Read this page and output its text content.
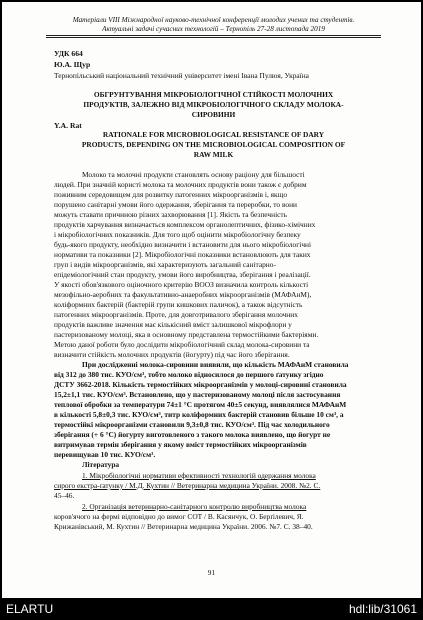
Матеріали VIII Міжнародної науково-технічної конференції молодих учених та студентів.
Актуальні задачі сучасних технологій – Тернопіль 27-28 листопада 2019
УДК 664
Ю.А. Щур
Тернопільський національний технічний університет імені Івана Пулюя, Україна
ОБГРУНТУВАННЯ МІКРОБІОЛОГІЧНОЇ СТІЙКОСТІ МОЛОЧНИХ
ПРОДУКТІВ, ЗАЛЕЖНО ВІД МІКРОБІОЛОГІЧНОГО СКЛАДУ МОЛОКА-
СИРОВИНИ
Y.A. Rat
RATIONALE FOR MICROBIOLOGICAL RESISTANCE OF DARY
PRODUCTS, DEPENDING ON THE MICROBIOLOGICAL COMPOSITION OF
RAW MILK
Молоко та молочні продукти становлять основу раціону для більшості
людей. При значній користі молока та молочних продуктів вони також є добрим
поживним середовищем для розвитку патогенних мікроорганізмів і, якщо
порушено санітарні умови його одержання, зберігання та переробки, то вони
можуть ставати причиною різних захворювання [1]. Якість та безпечність
продуктів харчування визначається комплексом органолептичних, фізико-хімічних
і мікробіологічних показників. Для того щоб оцінити мікробіологічну безпеку
будь-якого продукту, необхідно визначити і встановити для нього мікробіологічні
нормативи та показники [2]. Мікробіологічні показники встановлюють для таких
груп і видів мікроорганізмів, які характеризують загальний санітарно-
епідеміологічний стан продукту, умови його виробництва, зберігання і реалізації.
У якості обов'язкового оціночного критерію ВООЗ визначила контроль кількості
мезофільно-аеробних та факультативно-анаеробних мікроорганізмів (МАФАнМ),
коліформних бактерій (бактерій групи кишкових паличок), а також відсутність
патогенних мікроорганізмів. Проте, для довготривалого зберігання молочних
продуктів важливе значення має кількісний вміст залишкової мікрофлори у
пастеризованому молоці, яка в основному представлена термостійкими бактеріями.
Метою даної роботи було дослідити мікробіологічний склад молока-сировини та
визначити стійкість молочних продуктів (йогурту) під час його зберігання.
При дослідженні молока-сировини виявили, що кількість МАФАнМ становила
від 312 до 380 тис. КУО/см³, тобто молоко відносилося до першого ґатунку згідно
ДСТУ 3662-2018. Кількість термостійких мікроорганізмів у молоці-сировині становила
15,2±1,1 тис. КУО/см³. Встановлено, що у пастеризованому молоці після застосування
теплової обробки за температури 74±1 °С протягом 40±5 секунд, виявлялися МАФАнМ
в кількості 5,8±0,3 тис. КУО/см³, титр коліформних бактерій становив більше 10 см³, а
термостійкі мікроорганізми становили 9,3±0,8 тис. КУО/см³. Під час холодильного
зберігання (+ 6 °С) йогурту виготовленого з такого молока виявлено, що йогурт не
витримував термін зберігання у якому вміст термостійких мікроорганізмів
перевищував 10 тис. КУО/см³.
Література
1. Мікробіологічні нормативи ефективності технологій одержання молока
сирого екстра-ґатунку / М.Д. Кухтин // Ветеринарна медицина України. 2008. №2. С.
45–46.
2. Організація ветеринарно-санітарного контролю виробництва молока
коров'ячого на фермі відповідно до вимог СОТ / В. Касянчук, О. Берґілевич, Я.
Крижанівський, М. Кухтин // Ветеринарна медицина України. 2006. №7. С. 38–40.
91
ELARTU	hdl:lib/31061
